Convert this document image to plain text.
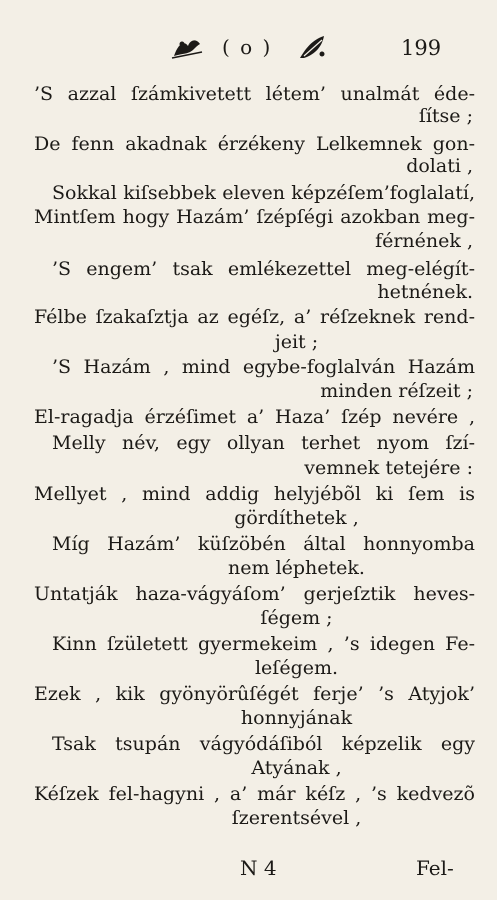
( o )	199
’S azzal ſzámkivetett létem’ unalmát éde-
ſítse ;
De fenn akadnak érzékeny Lelkemnek gon-
dolati ,
Sokkal kiſsebbek eleven képzéſem’foglalatí,
Mintſem hogy Hazám’ ſzépſégi azokban meg-
férnének ,
’S engem’ tsak emlékezettel meg-elégít-
hetnének.
Félbe ſzakaſztja az egéſz, a’ réſzeknek rend-
jeit ;
’S Hazám , mind egybe-foglalván Hazám
minden réſzeit ;
El-ragadja érzéſimet a’ Haza’ ſzép nevére ,
Melly név, egy ollyan terhet nyom ſzí-
vemnek tetejére :
Mellyet , mind addig helyjébõl ki ſem is
gördíthetek ,
Míg Hazám’ küſzöbén által honnyomba
nem léphetek.
Untatják haza-vágyáſom’ gerjeſztik heves-
ſégem ;
Kinn ſzületett gyermekeim , ’s idegen Fe-
leſégem.
Ezek , kik gyönyörûſégét ferje’ ’s Atyjok’
honnyjának
Tsak tsupán vágyódáſiból képzelik egy
Atyának ,
Kéſzek fel-hagyni , a’ már kéſz , ’s kedvezõ
ſzerentsével ,
N 4	Fel-
